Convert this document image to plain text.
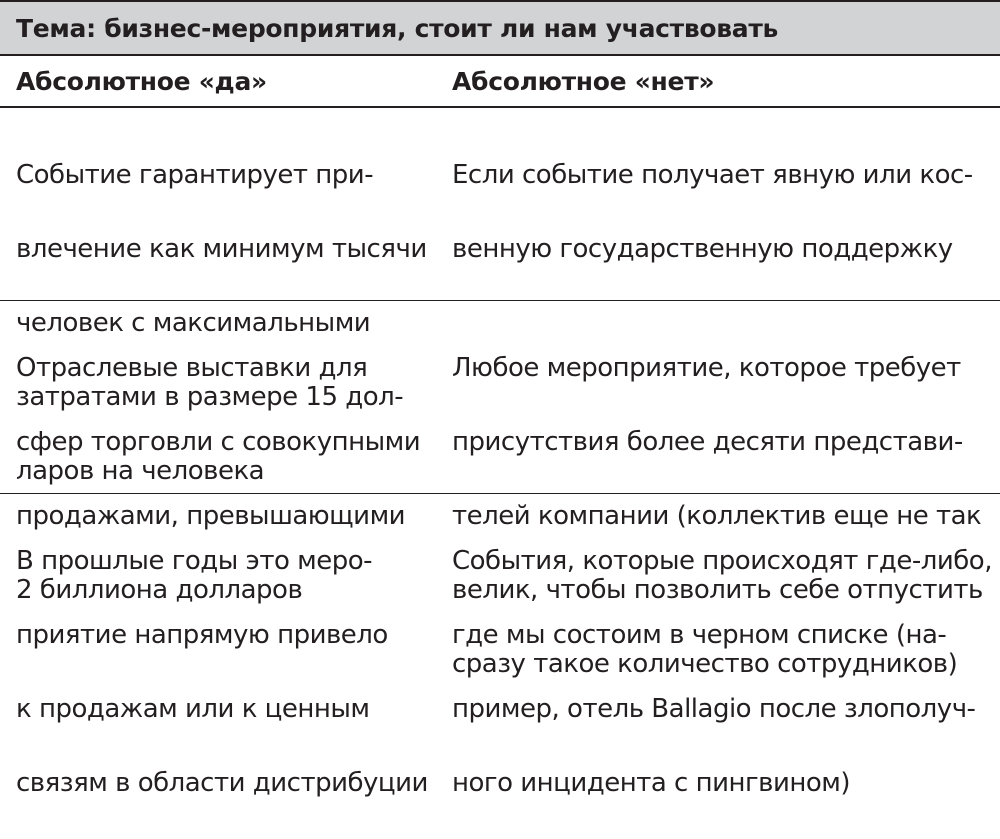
Тема: бизнес-мероприятия, стоит ли нам участвовать
Абсолютное «да»	Абсолютное «нет»

Событие гарантирует при-

влечение как минимум тысячи

человек с максимальными

затратами в размере 15 дол-

ларов на человека

Если событие получает явную или кос-

венную государственную поддержку

Отраслевые выставки для

сфер торговли с совокупными

продажами, превышающими

2 биллиона долларов

Любое мероприятие, которое требует

присутствия более десяти представи-

телей компании (коллектив еще не так

велик, чтобы позволить себе отпустить

сразу такое количество сотрудников)

В прошлые годы это меро-

приятие напрямую привело

к продажам или к ценным

связям в области дистрибуции

События, которые происходят где-либо,

где мы состоим в черном списке (на-

пример, отель Ballagio после злополуч-

ного инцидента с пингвином)
